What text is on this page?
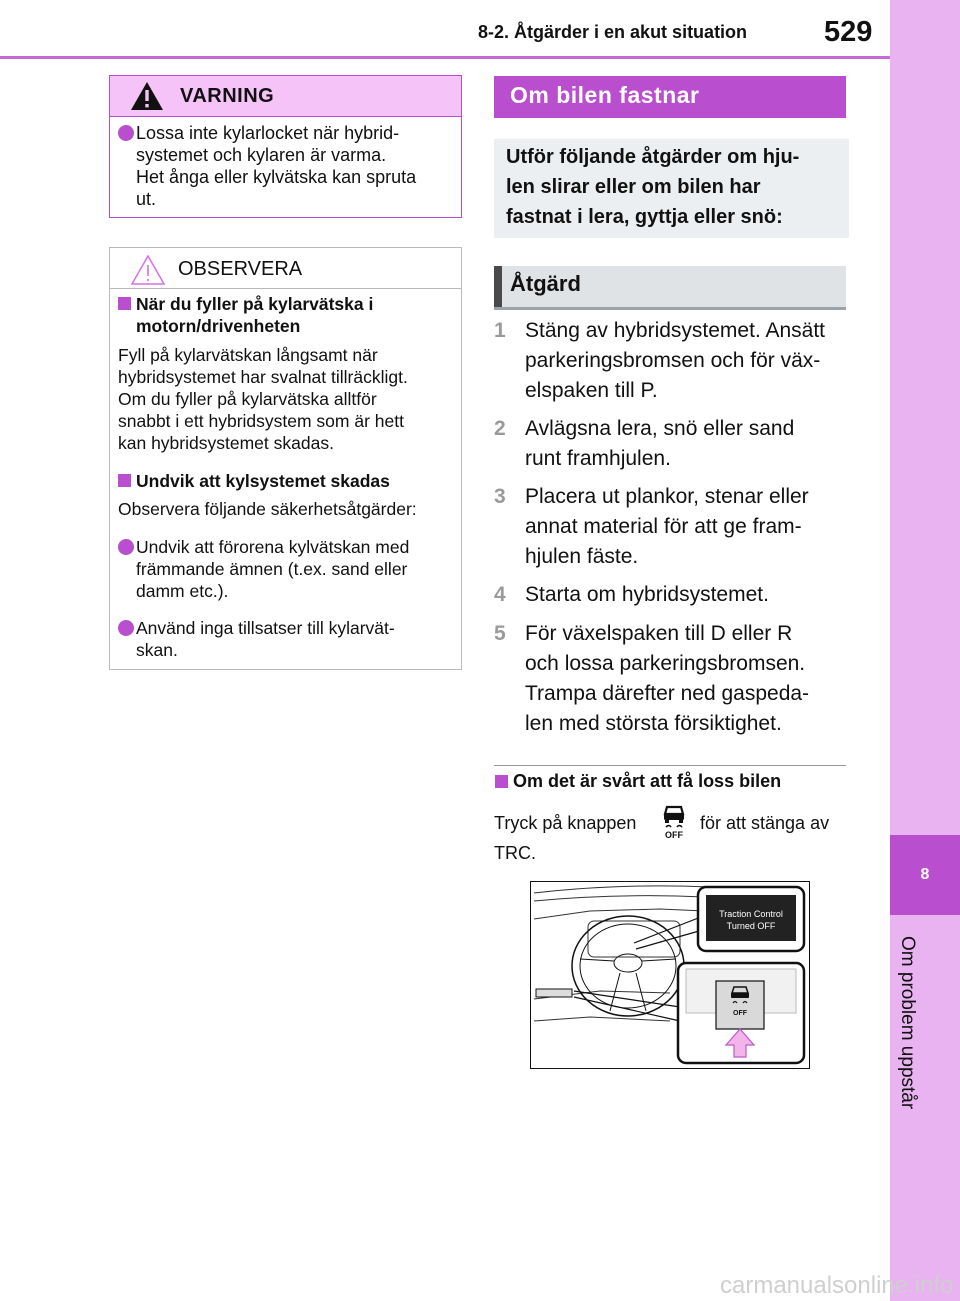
8-2. Åtgärder i en akut situation	529
8
Om problem uppstår
VARNING
Lossa inte kylarlocket när hybrid-
systemet och kylaren är varma.
Het ånga eller kylvätska kan spruta
ut.
OBSERVERA
När du fyller på kylarvätska i
motorn/drivenheten
Fyll på kylarvätskan långsamt när
hybridsystemet har svalnat tillräckligt.
Om du fyller på kylarvätska alltför
snabbt i ett hybridsystem som är hett
kan hybridsystemet skadas.
Undvik att kylsystemet skadas
Observera följande säkerhetsåtgärder:
Undvik att förorena kylvätskan med
främmande ämnen (t.ex. sand eller
damm etc.).
Använd inga tillsatser till kylarvät-
skan.
Om bilen fastnar
Utför följande åtgärder om hju-
len slirar eller om bilen har
fastnat i lera, gyttja eller snö:
Åtgärd
1 Stäng av hybridsystemet. Ansätt
parkeringsbromsen och för väx-
elspaken till P.
2 Avlägsna lera, snö eller sand
runt framhjulen.
3 Placera ut plankor, stenar eller
annat material för att ge fram-
hjulen fäste.
4 Starta om hybridsystemet.
5 För växelspaken till D eller R
och lossa parkeringsbromsen.
Trampa därefter ned gaspeda-
len med största försiktighet.
Om det är svårt att få loss bilen
Tryck på knappen
OFF
för att stänga av
TRC.
Traction Control
Turned OFF
OFF
carmanualsonline.info
